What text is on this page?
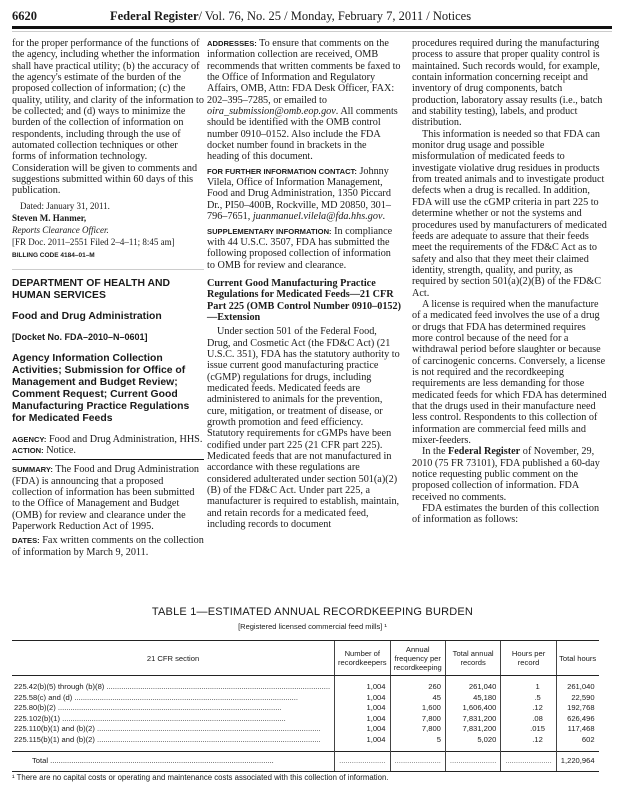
6620	Federal Register/ Vol. 76, No. 25 / Monday, February 7, 2011 / Notices

for the proper performance of the functions of the agency, including whether the information shall have practical utility; (b) the accuracy of the agency's estimate of the burden of the proposed collection of information; (c) the quality, utility, and clarity of the information to be collected; and (d) ways to minimize the burden of the collection of information on respondents, including through the use of automated collection techniques or other forms of information technology. Consideration will be given to comments and suggestions submitted within 60 days of this publication.

Dated: January 31, 2011.

Steven M. Hanmer,

Reports Clearance Officer.

[FR Doc. 2011–2551 Filed 2–4–11; 8:45 am]

BILLING CODE 4184–01–M

DEPARTMENT OF HEALTH AND HUMAN SERVICES

Food and Drug Administration

[Docket No. FDA–2010–N–0601]

Agency Information Collection Activities; Submission for Office of Management and Budget Review; Comment Request; Current Good Manufacturing Practice Regulations for Medicated Feeds

AGENCY: Food and Drug Administration, HHS.

ACTION: Notice.

SUMMARY: The Food and Drug Administration (FDA) is announcing that a proposed collection of information has been submitted to the Office of Management and Budget (OMB) for review and clearance under the Paperwork Reduction Act of 1995.

DATES: Fax written comments on the collection of information by March 9, 2011.

ADDRESSES: To ensure that comments on the information collection are received, OMB recommends that written comments be faxed to the Office of Information and Regulatory Affairs, OMB, Attn: FDA Desk Officer, FAX: 202–395–7285, or emailed to oira_submission@omb.eop.gov. All comments should be identified with the OMB control number 0910–0152. Also include the FDA docket number found in brackets in the heading of this document.

FOR FURTHER INFORMATION CONTACT: Johnny Vilela, Office of Information Management, Food and Drug Administration, 1350 Piccard Dr., PI50–400B, Rockville, MD 20850, 301–796–7651, juanmanuel.vilela@fda.hhs.gov.

SUPPLEMENTARY INFORMATION: In compliance with 44 U.S.C. 3507, FDA has submitted the following proposed collection of information to OMB for review and clearance.

Current Good Manufacturing Practice Regulations for Medicated Feeds—21 CFR Part 225 (OMB Control Number 0910–0152)—Extension

Under section 501 of the Federal Food, Drug, and Cosmetic Act (the FD&C Act) (21 U.S.C. 351), FDA has the statutory authority to issue current good manufacturing practice (cGMP) regulations for drugs, including medicated feeds. Medicated feeds are administered to animals for the prevention, cure, mitigation, or treatment of disease, or growth promotion and feed efficiency. Statutory requirements for cGMPs have been codified under part 225 (21 CFR part 225). Medicated feeds that are not manufactured in accordance with these regulations are considered adulterated under section 501(a)(2)(B) of the FD&C Act. Under part 225, a manufacturer is required to establish, maintain, and retain records for a medicated feed, including records to document

procedures required during the manufacturing process to assure that proper quality control is maintained. Such records would, for example, contain information concerning receipt and inventory of drug components, batch production, laboratory assay results (i.e., batch and stability testing), labels, and product distribution.

This information is needed so that FDA can monitor drug usage and possible misformulation of medicated feeds to investigate violative drug residues in products from treated animals and to investigate product defects when a drug is recalled. In addition, FDA will use the cGMP criteria in part 225 to determine whether or not the systems and procedures used by manufacturers of medicated feeds are adequate to assure that their feeds meet the requirements of the FD&C Act as to safety and also that they meet their claimed identity, strength, quality, and purity, as required by section 501(a)(2)(B) of the FD&C Act.

A license is required when the manufacture of a medicated feed involves the use of a drug or drugs that FDA has determined requires more control because of the need for a withdrawal period before slaughter or because of carcinogenic concerns. Conversely, a license is not required and the recordkeeping requirements are less demanding for those medicated feeds for which FDA has determined that the drugs used in their manufacture need less control. Respondents to this collection of information are commercial feed mills and mixer-feeders.

In the Federal Register of November, 29, 2010 (75 FR 73101), FDA published a 60-day notice requesting public comment on the proposed collection of information. FDA received no comments.

FDA estimates the burden of this collection of information as follows:

TABLE 1—ESTIMATED ANNUAL RECORDKEEPING BURDEN
[Registered licensed commercial feed mills] ¹
21 CFR section	Number of recordkeepers	Annual frequency per recordkeeping	Total annual records	Hours per record	Total hours
225.42(b)(5) through (b)(8) .....	1,004	260	261,040	1	261,040
225.58(c) and (d) .....	1,004	45	45,180	.5	22,590
225.80(b)(2) .....	1,004	1,600	1,606,400	.12	192,768
225.102(b)(1) .....	1,004	7,800	7,831,200	.08	626,496
225.110(b)(1) and (b)(2) .....	1,004	7,800	7,831,200	.015	117,468
225.115(b)(1) and (b)(2) .....	1,004	5	5,020	.12	602
Total .....	......................	......................	......................	......................	1,220,964
¹ There are no capital costs or operating and maintenance costs associated with this collection of information.
